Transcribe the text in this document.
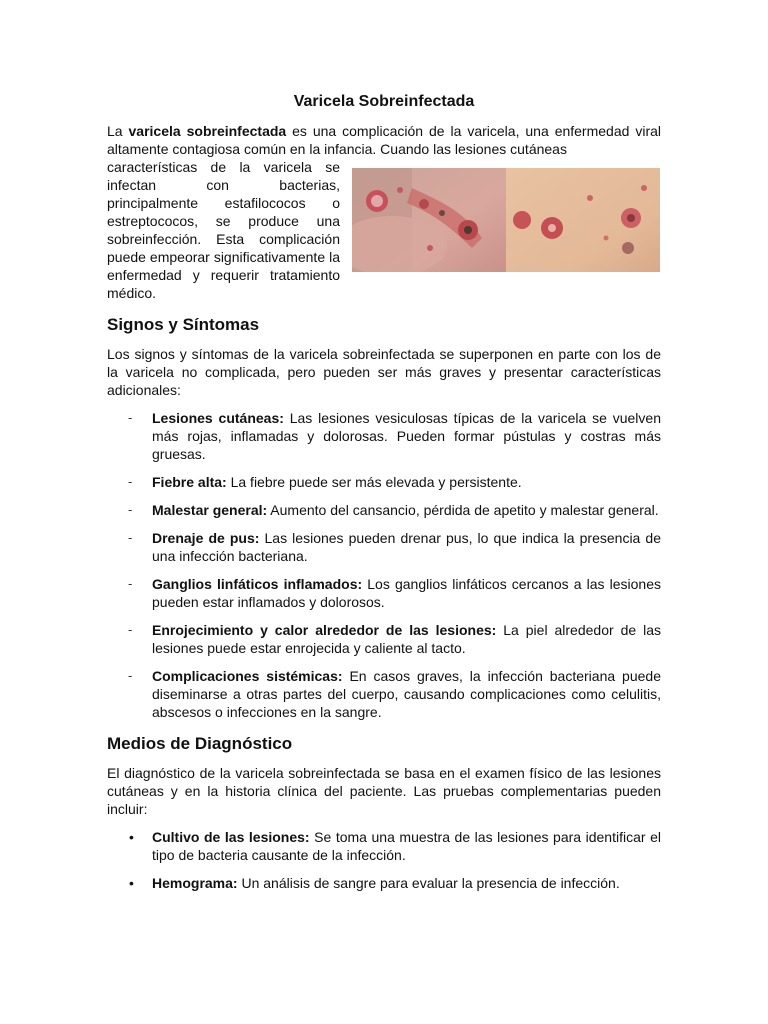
Varicela Sobreinfectada

La varicela sobreinfectada es una complicación de la varicela, una enfermedad viral altamente contagiosa común en la infancia. Cuando las lesiones cutáneas

características de la varicela se infectan con bacterias, principalmente estafilococos o estreptococos, se produce una sobreinfección. Esta complicación puede empeorar significativamente la enfermedad y requerir tratamiento médico.
Signos y Síntomas

Los signos y síntomas de la varicela sobreinfectada se superponen en parte con los de la varicela no complicada, pero pueden ser más graves y presentar características adicionales:

- Lesiones cutáneas: Las lesiones vesiculosas típicas de la varicela se vuelven más rojas, inflamadas y dolorosas. Pueden formar pústulas y costras más gruesas.
- Fiebre alta: La fiebre puede ser más elevada y persistente.
- Malestar general: Aumento del cansancio, pérdida de apetito y malestar general.
- Drenaje de pus: Las lesiones pueden drenar pus, lo que indica la presencia de una infección bacteriana.
- Ganglios linfáticos inflamados: Los ganglios linfáticos cercanos a las lesiones pueden estar inflamados y dolorosos.
- Enrojecimiento y calor alrededor de las lesiones: La piel alrededor de las lesiones puede estar enrojecida y caliente al tacto.
- Complicaciones sistémicas: En casos graves, la infección bacteriana puede diseminarse a otras partes del cuerpo, causando complicaciones como celulitis, abscesos o infecciones en la sangre.
Medios de Diagnóstico

El diagnóstico de la varicela sobreinfectada se basa en el examen físico de las lesiones cutáneas y en la historia clínica del paciente. Las pruebas complementarias pueden incluir:

• Cultivo de las lesiones: Se toma una muestra de las lesiones para identificar el tipo de bacteria causante de la infección.
• Hemograma: Un análisis de sangre para evaluar la presencia de infección.
